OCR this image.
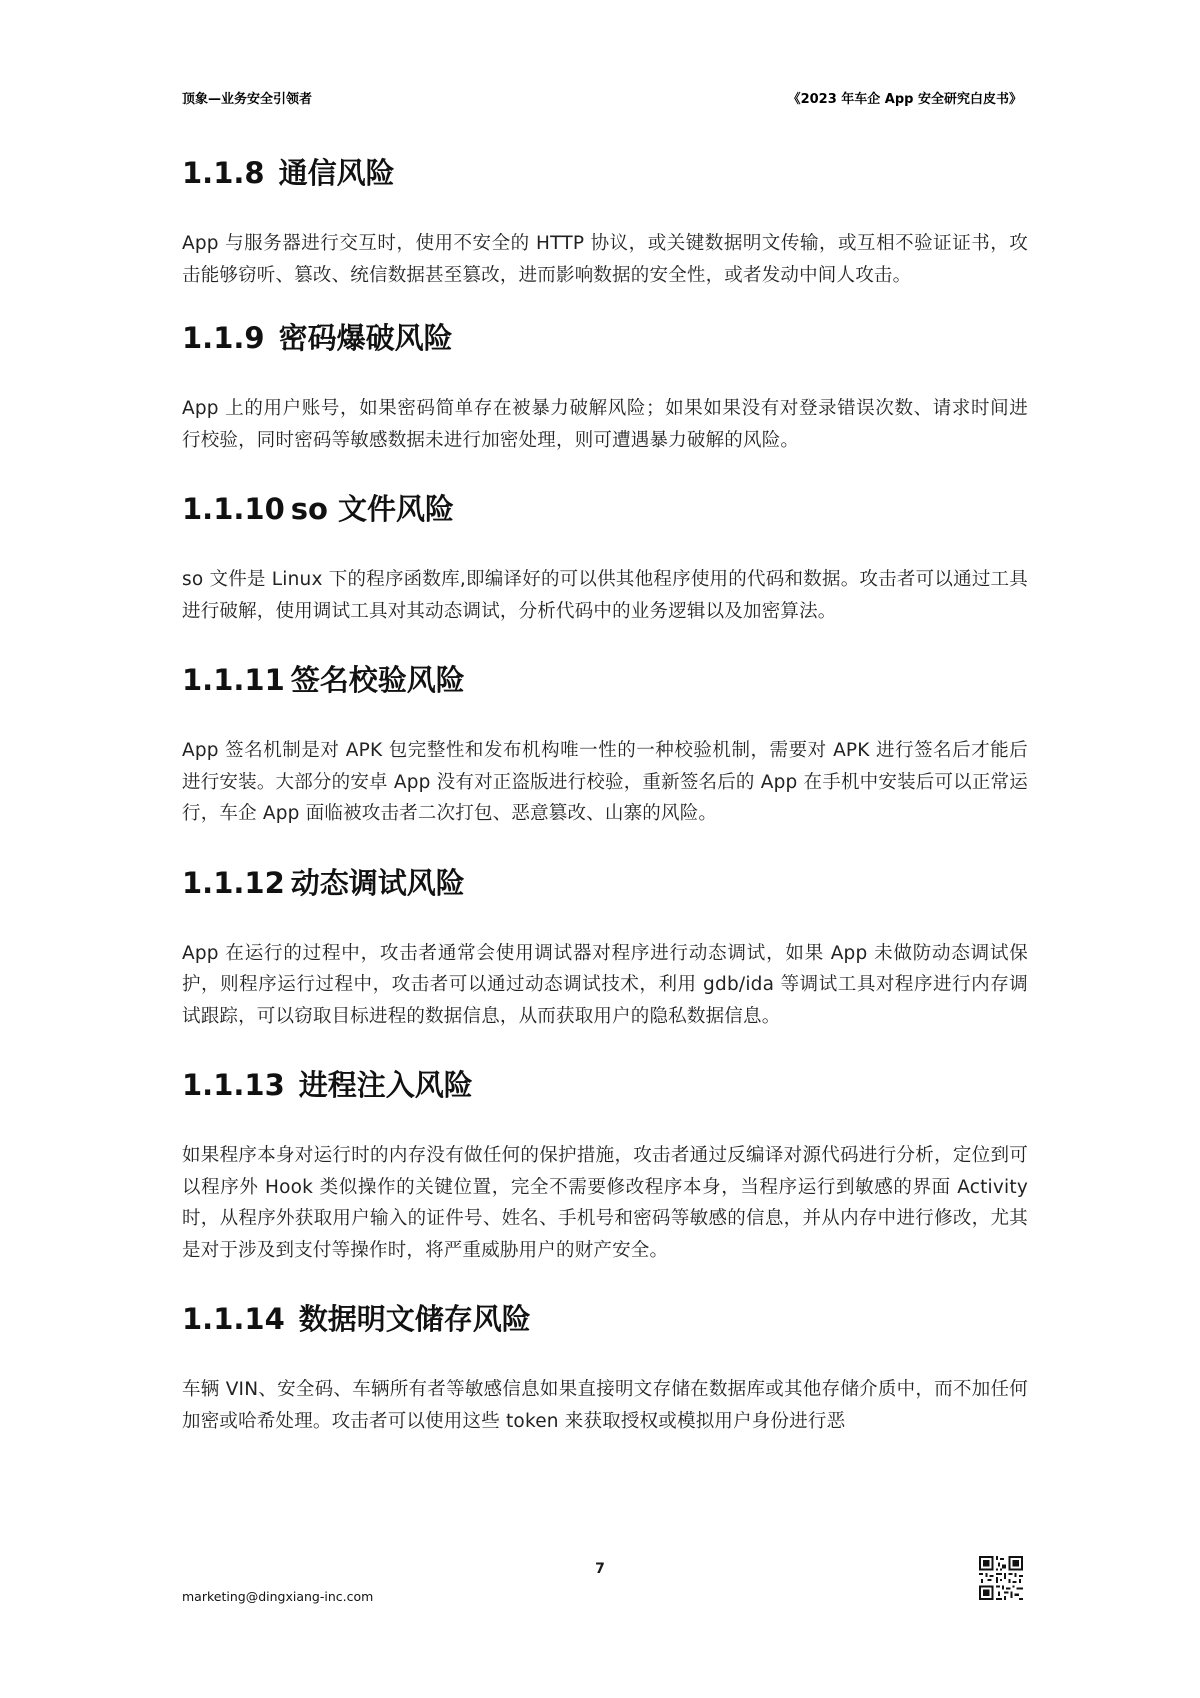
顶象—业务安全引领者	《2023 年车企 App 安全研究白皮书》
1.1.8 通信风险

App 与服务器进行交互时，使用不安全的 HTTP 协议，或关键数据明文传输，或互相不验证证书，攻击能够窃听、篡改、统信数据甚至篡改，进而影响数据的安全性，或者发动中间人攻击。

1.1.9 密码爆破风险

App 上的用户账号，如果密码简单存在被暴力破解风险；如果如果没有对登录错误次数、请求时间进行校验，同时密码等敏感数据未进行加密处理，则可遭遇暴力破解的风险。

1.1.10 so 文件风险

so 文件是 Linux 下的程序函数库,即编译好的可以供其他程序使用的代码和数据。攻击者可以通过工具进行破解，使用调试工具对其动态调试，分析代码中的业务逻辑以及加密算法。

1.1.11 签名校验风险

App 签名机制是对 APK 包完整性和发布机构唯一性的一种校验机制，需要对 APK 进行签名后才能后进行安装。大部分的安卓 App 没有对正盗版进行校验，重新签名后的 App 在手机中安装后可以正常运行，车企 App 面临被攻击者二次打包、恶意篡改、山寨的风险。

1.1.12 动态调试风险

App 在运行的过程中，攻击者通常会使用调试器对程序进行动态调试，如果 App 未做防动态调试保护，则程序运行过程中，攻击者可以通过动态调试技术，利用 gdb/ida 等调试工具对程序进行内存调试跟踪，可以窃取目标进程的数据信息，从而获取用户的隐私数据信息。

1.1.13 进程注入风险

如果程序本身对运行时的内存没有做任何的保护措施，攻击者通过反编译对源代码进行分析，定位到可以程序外 Hook 类似操作的关键位置，完全不需要修改程序本身，当程序运行到敏感的界面 Activity 时，从程序外获取用户输入的证件号、姓名、手机号和密码等敏感的信息，并从内存中进行修改，尤其是对于涉及到支付等操作时，将严重威胁用户的财产安全。

1.1.14 数据明文储存风险

车辆 VIN、安全码、车辆所有者等敏感信息如果直接明文存储在数据库或其他存储介质中，而不加任何加密或哈希处理。攻击者可以使用这些 token 来获取授权或模拟用户身份进行恶

7
marketing@dingxiang-inc.com
